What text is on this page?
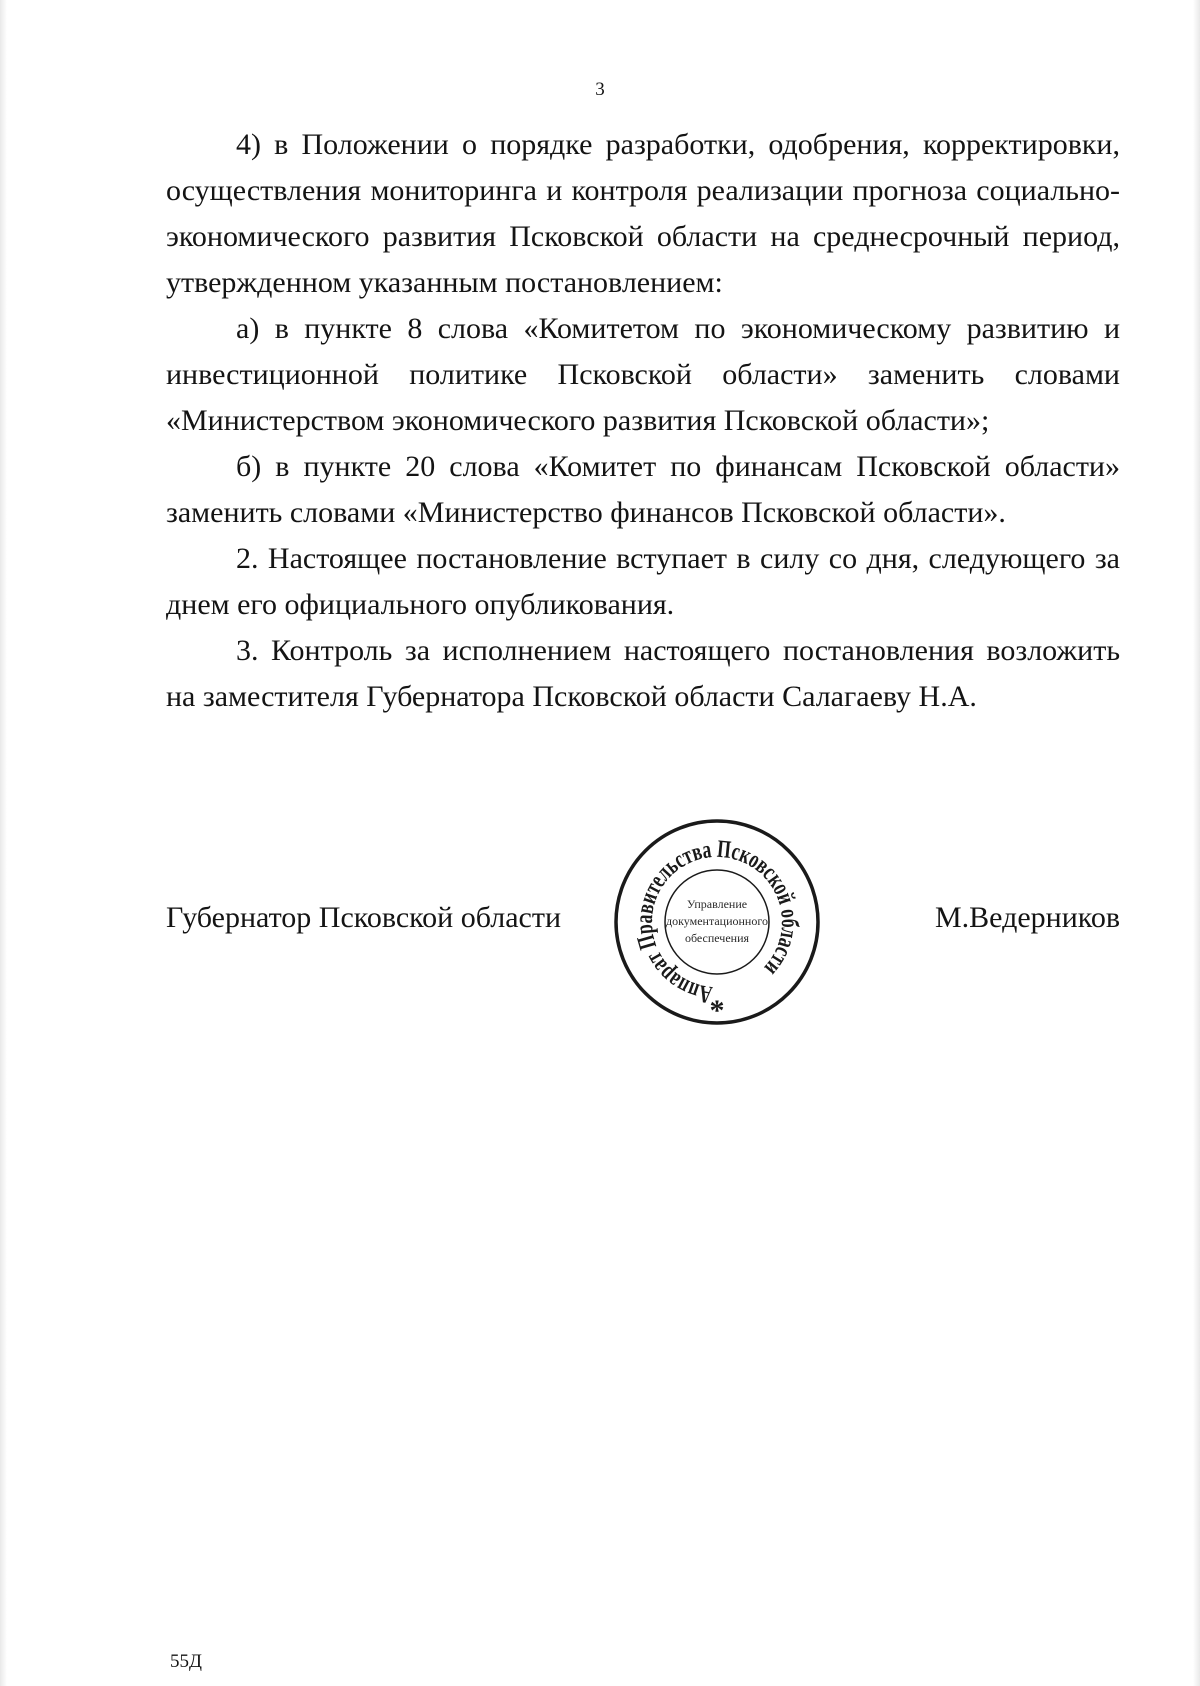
3

4) в Положении о порядке разработки, одобрения, корректировки, осуществления мониторинга и контроля реализации прогноза социально-экономического развития Псковской области на среднесрочный период, утвержденном указанным постановлением:

а) в пункте 8 слова «Комитетом по экономическому развитию и инвестиционной политике Псковской области» заменить словами «Министерством экономического развития Псковской области»;

б) в пункте 20 слова «Комитет по финансам Псковской области» заменить словами «Министерство финансов Псковской области».

2. Настоящее постановление вступает в силу со дня, следующего за днем его официального опубликования.

3. Контроль за исполнением настоящего постановления возложить на заместителя Губернатора Псковской области Салагаеву Н.А.

Аппарат Правительства Псковской области
Управление
документационного
обеспечения
*
Губернатор Псковской области	М.Ведерников
55Д
